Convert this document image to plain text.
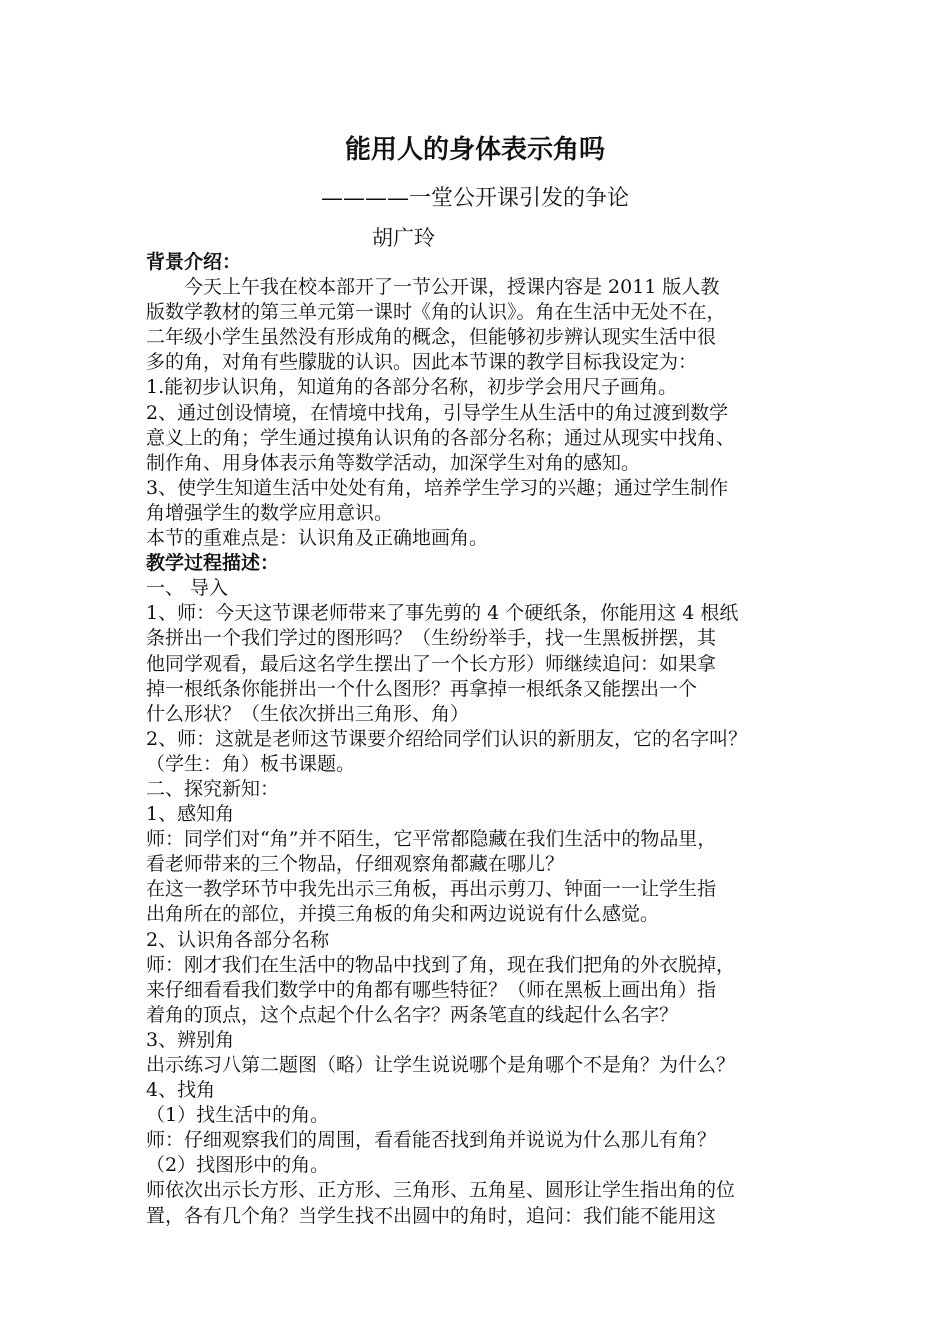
能用人的身体表示角吗
————一堂公开课引发的争论
胡广玲

背景介绍：

今天上午我在校本部开了一节公开课，授课内容是 2011 版人教

版数学教材的第三单元第一课时《角的认识》。角在生活中无处不在，

二年级小学生虽然没有形成角的概念，但能够初步辨认现实生活中很

多的角，对角有些朦胧的认识。因此本节课的教学目标我设定为：

1.能初步认识角，知道角的各部分名称，初步学会用尺子画角。

2、通过创设情境，在情境中找角，引导学生从生活中的角过渡到数学

意义上的角；学生通过摸角认识角的各部分名称；通过从现实中找角、

制作角、用身体表示角等数学活动，加深学生对角的感知。

3、使学生知道生活中处处有角，培养学生学习的兴趣；通过学生制作

角增强学生的数学应用意识。

本节的重难点是：认识角及正确地画角。

教学过程描述：

一、 导入

1、师：今天这节课老师带来了事先剪的 4 个硬纸条，你能用这 4 根纸

条拼出一个我们学过的图形吗？（生纷纷举手，找一生黑板拼摆，其

他同学观看，最后这名学生摆出了一个长方形）师继续追问：如果拿

掉一根纸条你能拼出一个什么图形？再拿掉一根纸条又能摆出一个

什么形状？（生依次拼出三角形、角）

2、师：这就是老师这节课要介绍给同学们认识的新朋友，它的名字叫？

（学生：角）板书课题。

二、探究新知：

1、感知角

师：同学们对“角”并不陌生，它平常都隐藏在我们生活中的物品里，

看老师带来的三个物品，仔细观察角都藏在哪儿？

在这一教学环节中我先出示三角板，再出示剪刀、钟面一一让学生指

出角所在的部位，并摸三角板的角尖和两边说说有什么感觉。

2、认识角各部分名称

师：刚才我们在生活中的物品中找到了角，现在我们把角的外衣脱掉，

来仔细看看我们数学中的角都有哪些特征？（师在黑板上画出角）指

着角的顶点，这个点起个什么名字？两条笔直的线起什么名字？

3、辨别角

出示练习八第二题图（略）让学生说说哪个是角哪个不是角？为什么？

4、找角

（1）找生活中的角。

师：仔细观察我们的周围，看看能否找到角并说说为什么那儿有角？

（2）找图形中的角。

师依次出示长方形、正方形、三角形、五角星、圆形让学生指出角的位

置，各有几个角？当学生找不出圆中的角时，追问：我们能不能用这
